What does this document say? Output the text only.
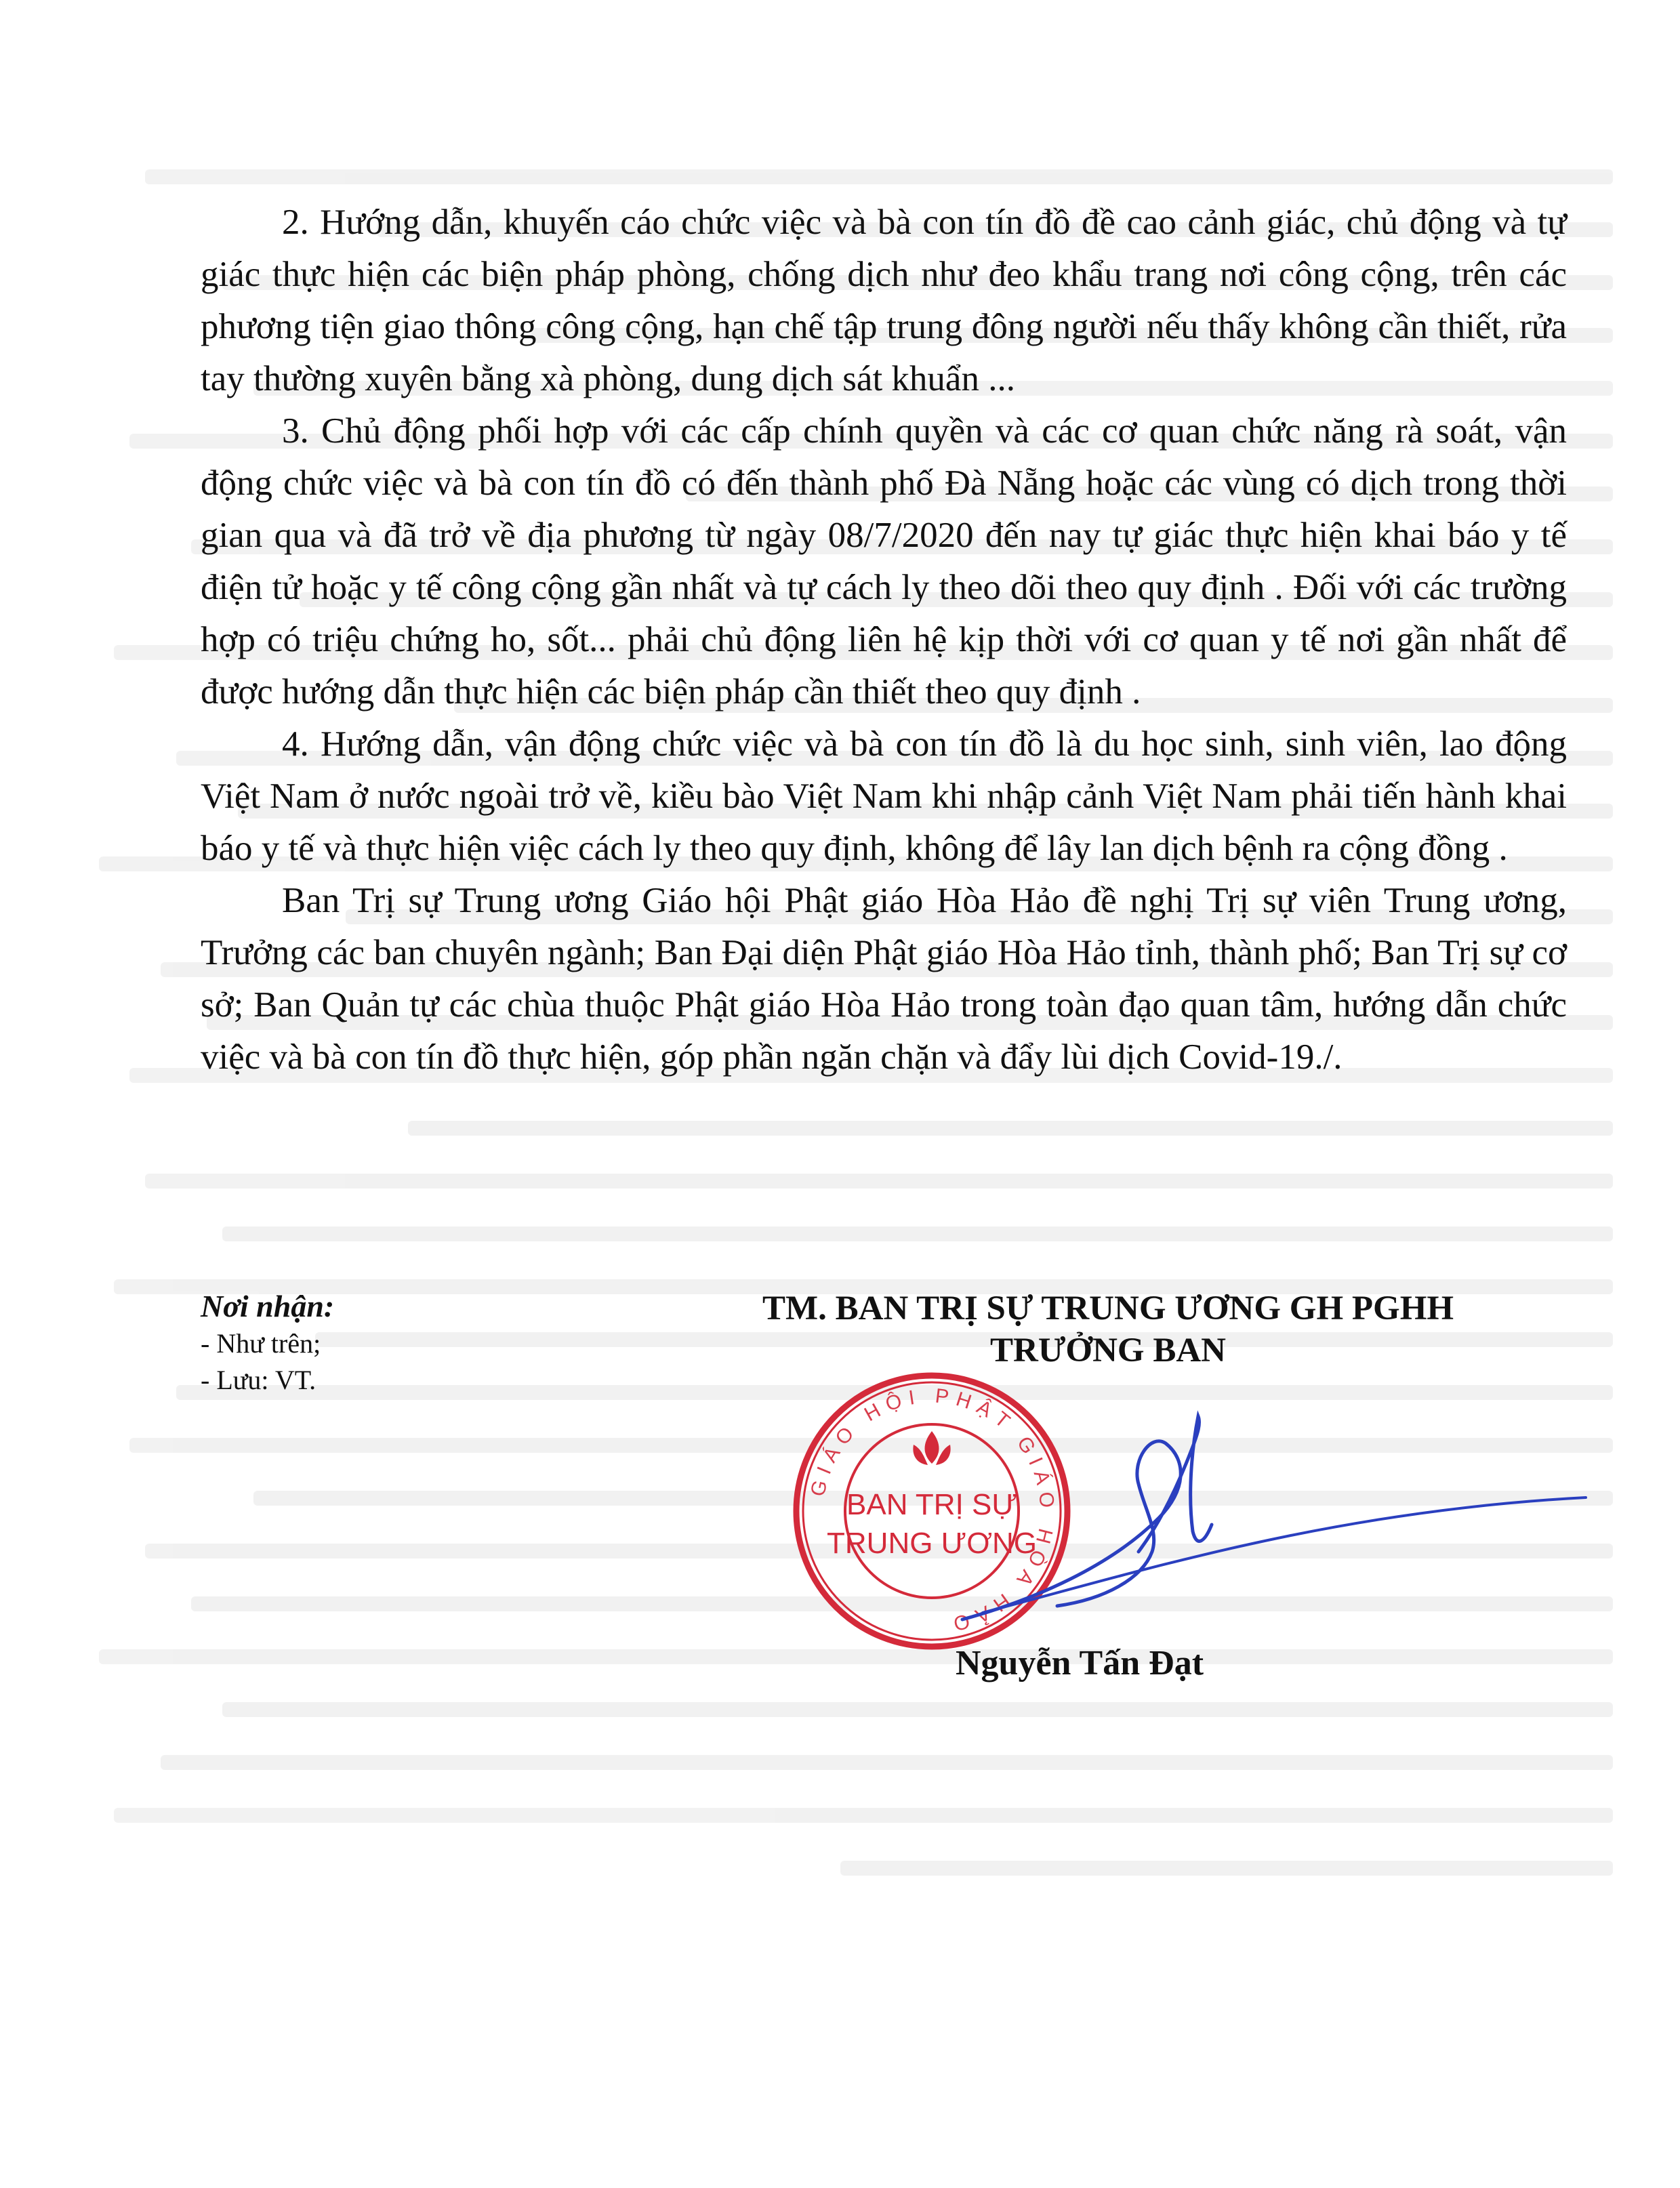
2. Hướng dẫn, khuyến cáo chức việc và bà con tín đồ đề cao cảnh giác, chủ động và tự giác thực hiện các biện pháp phòng, chống dịch như đeo khẩu trang nơi công cộng, trên các phương tiện giao thông công cộng, hạn chế tập trung đông người nếu thấy không cần thiết, rửa tay thường xuyên bằng xà phòng, dung dịch sát khuẩn ...

3. Chủ động phối hợp với các cấp chính quyền và các cơ quan chức năng rà soát, vận động chức việc và bà con tín đồ có đến thành phố Đà Nẵng hoặc các vùng có dịch trong thời gian qua và đã trở về địa phương từ ngày 08/7/2020 đến nay tự giác thực hiện khai báo y tế điện tử hoặc y tế công cộng gần nhất và tự cách ly theo dõi theo quy định . Đối với các trường hợp có triệu chứng ho, sốt... phải chủ động liên hệ kịp thời với cơ quan y tế nơi gần nhất để được hướng dẫn thực hiện các biện pháp cần thiết theo quy định .

4. Hướng dẫn, vận động chức việc và bà con tín đồ là du học sinh, sinh viên, lao động Việt Nam ở nước ngoài trở về, kiều bào Việt Nam khi nhập cảnh Việt Nam phải tiến hành khai báo y tế và thực hiện việc cách ly theo quy định, không để lây lan dịch bệnh ra cộng đồng .

Ban Trị sự Trung ương Giáo hội Phật giáo Hòa Hảo đề nghị Trị sự viên Trung ương, Trưởng các ban chuyên ngành; Ban Đại diện Phật giáo Hòa Hảo tỉnh, thành phố; Ban Trị sự cơ sở; Ban Quản tự các chùa thuộc Phật giáo Hòa Hảo trong toàn đạo quan tâm, hướng dẫn chức việc và bà con tín đồ thực hiện, góp phần ngăn chặn và đẩy lùi dịch Covid-19./.

Nơi nhận:
- Như trên;
- Lưu: VT.
TM. BAN TRỊ SỰ TRUNG ƯƠNG GH PGHH
TRƯỞNG BAN
GIÁO HỘI PHẬT GIÁO HÒA HẢO
BAN TRỊ SỰ
TRUNG ƯƠNG
Nguyễn Tấn Đạt
